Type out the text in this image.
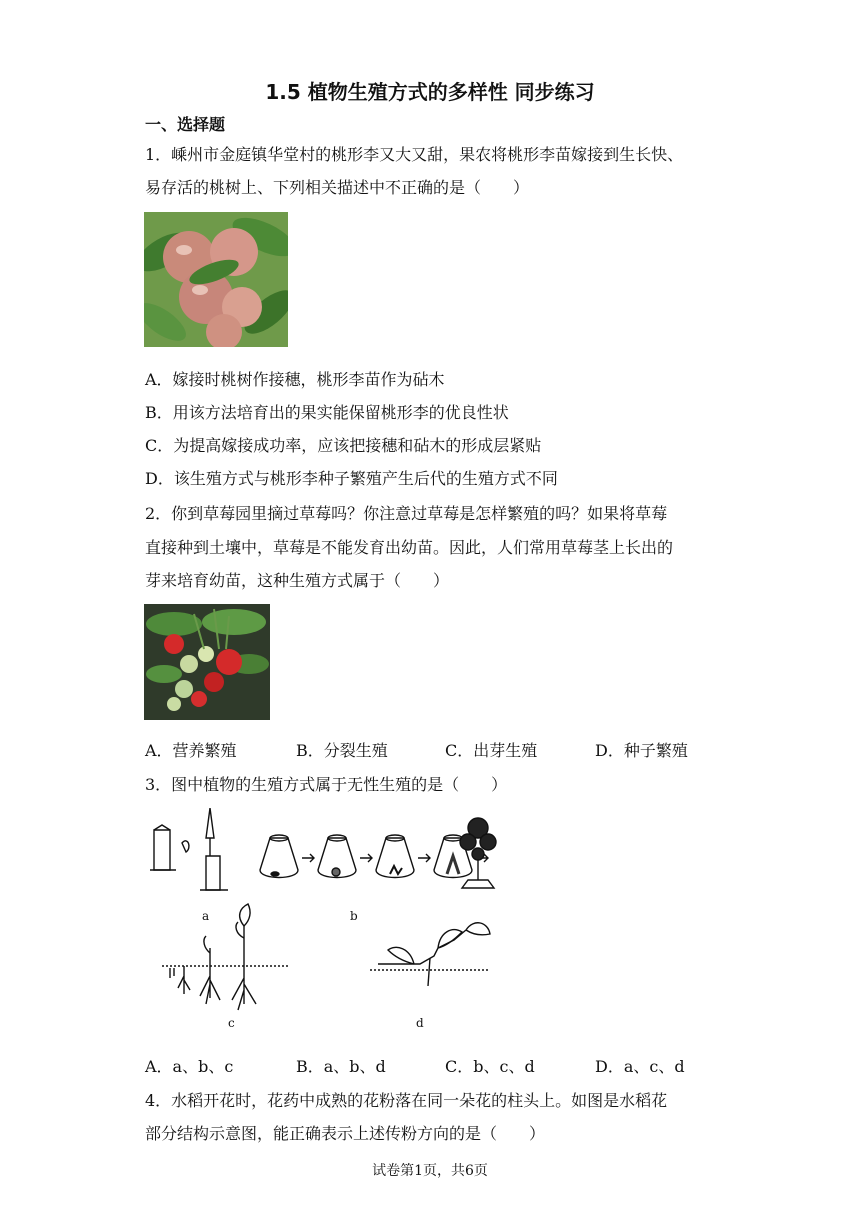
1.5 植物生殖方式的多样性 同步练习
一、选择题
1．嵊州市金庭镇华堂村的桃形李又大又甜，果农将桃形李苗嫁接到生长快、
易存活的桃树上、下列相关描述中不正确的是（　　）
A．嫁接时桃树作接穗，桃形李苗作为砧木
B．用该方法培育出的果实能保留桃形李的优良性状
C．为提高嫁接成功率，应该把接穗和砧木的形成层紧贴
D．该生殖方式与桃形李种子繁殖产生后代的生殖方式不同
2．你到草莓园里摘过草莓吗？你注意过草莓是怎样繁殖的吗？如果将草莓
直接种到土壤中，草莓是不能发育出幼苗。因此，人们常用草莓茎上长出的
芽来培育幼苗，这种生殖方式属于（　　）
A．营养繁殖	B．分裂生殖	C．出芽生殖	D．种子繁殖
3．图中植物的生殖方式属于无性生殖的是（　　）
a	b
c	d
A．a、b、c	B．a、b、d	C．b、c、d	D．a、c、d
4．水稻开花时，花药中成熟的花粉落在同一朵花的柱头上。如图是水稻花
部分结构示意图，能正确表示上述传粉方向的是（　　）
试卷第1页，共6页
